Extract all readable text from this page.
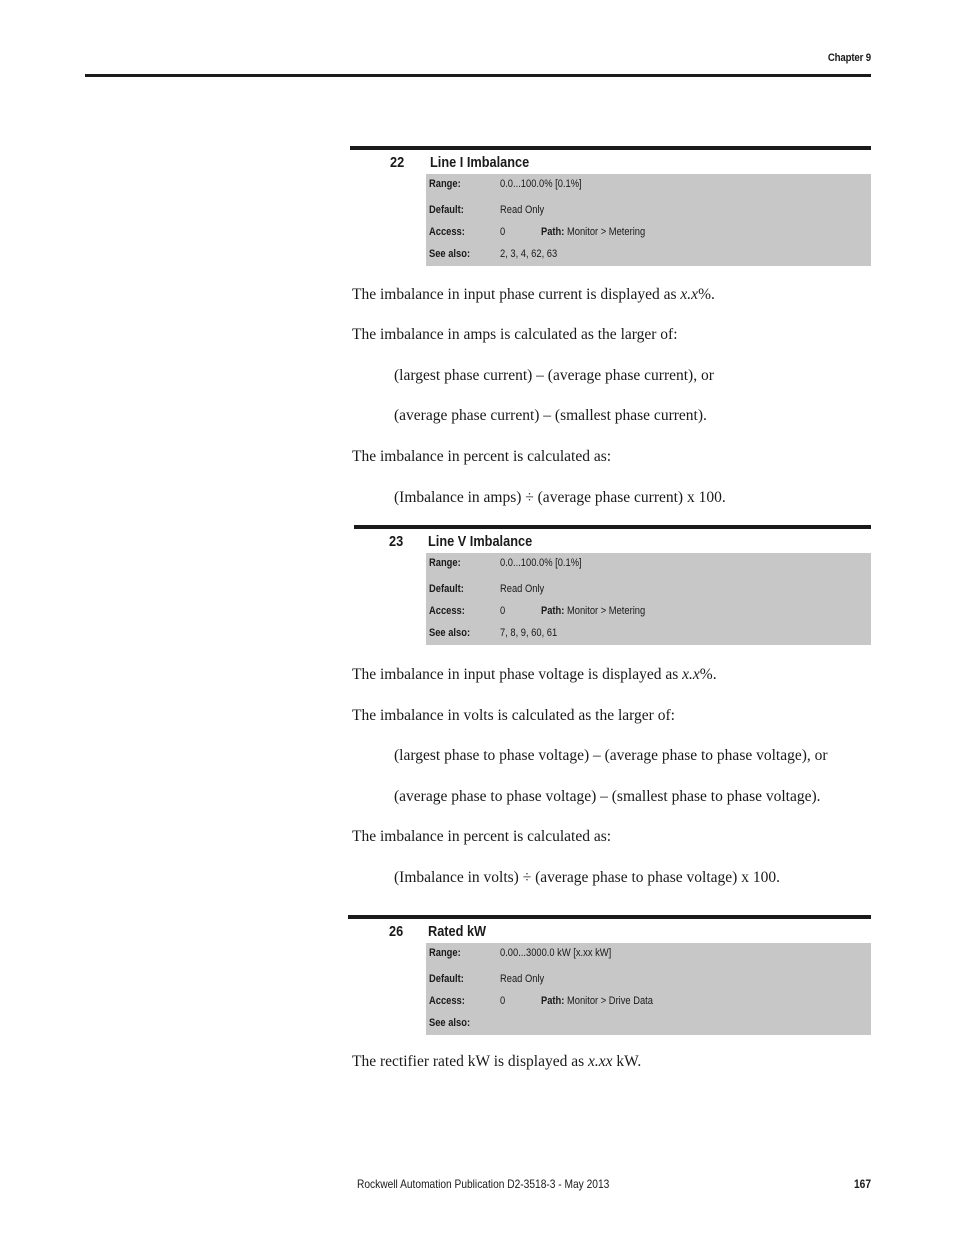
Chapter 9
22 Line I Imbalance
Range:	0.0...100.0% [0.1%]
Default:	Read Only
Access:	0	Path: Monitor > Metering
See also:	2, 3, 4, 62, 63
The imbalance in input phase current is displayed as x.x%.
The imbalance in amps is calculated as the larger of:
(largest phase current) – (average phase current), or
(average phase current) – (smallest phase current).
The imbalance in percent is calculated as:
(Imbalance in amps) ÷ (average phase current) x 100.
23 Line V Imbalance
Range:	0.0...100.0% [0.1%]
Default:	Read Only
Access:	0	Path: Monitor > Metering
See also:	7, 8, 9, 60, 61
The imbalance in input phase voltage is displayed as x.x%.
The imbalance in volts is calculated as the larger of:
(largest phase to phase voltage) – (average phase to phase voltage), or
(average phase to phase voltage) – (smallest phase to phase voltage).
The imbalance in percent is calculated as:
(Imbalance in volts) ÷ (average phase to phase voltage) x 100.
26 Rated kW
Range:	0.00...3000.0 kW [x.xx kW]
Default:	Read Only
Access:	0	Path: Monitor > Drive Data
See also:
The rectifier rated kW is displayed as x.xx kW.
Rockwell Automation Publication D2-3518-3 - May 2013	167
